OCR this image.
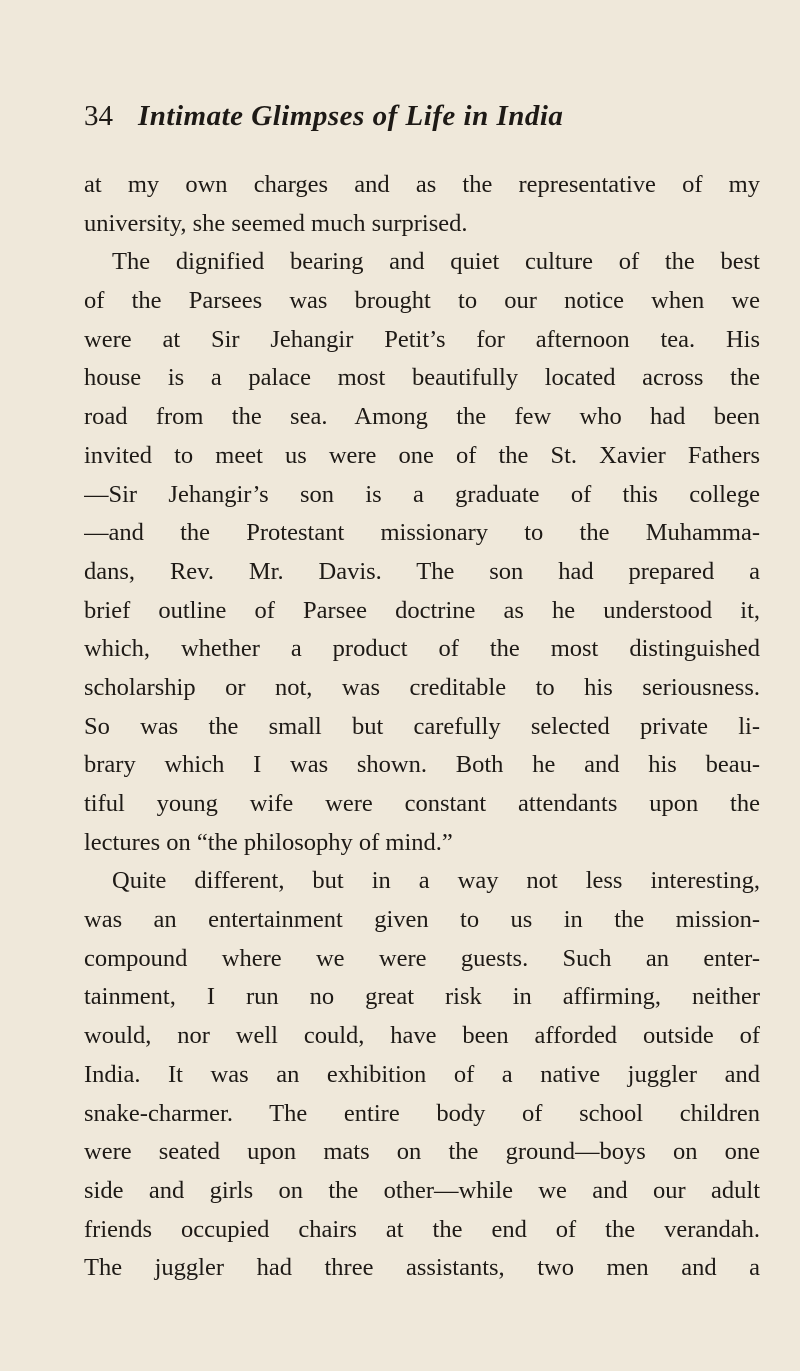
34 Intimate Glimpses of Life in India
at my own charges and as the representative of my
university, she seemed much surprised.
The dignified bearing and quiet culture of the best
of the Parsees was brought to our notice when we
were at Sir Jehangir Petit’s for afternoon tea. His
house is a palace most beautifully located across the
road from the sea. Among the few who had been
invited to meet us were one of the St. Xavier Fathers
—Sir Jehangir’s son is a graduate of this college
—and the Protestant missionary to the Muhamma-
dans, Rev. Mr. Davis. The son had prepared a
brief outline of Parsee doctrine as he understood it,
which, whether a product of the most distinguished
scholarship or not, was creditable to his seriousness.
So was the small but carefully selected private li-
brary which I was shown. Both he and his beau-
tiful young wife were constant attendants upon the
lectures on “the philosophy of mind.”
Quite different, but in a way not less interesting,
was an entertainment given to us in the mission-
compound where we were guests. Such an enter-
tainment, I run no great risk in affirming, neither
would, nor well could, have been afforded outside of
India. It was an exhibition of a native juggler and
snake-charmer. The entire body of school children
were seated upon mats on the ground—boys on one
side and girls on the other—while we and our adult
friends occupied chairs at the end of the verandah.
The juggler had three assistants, two men and a
